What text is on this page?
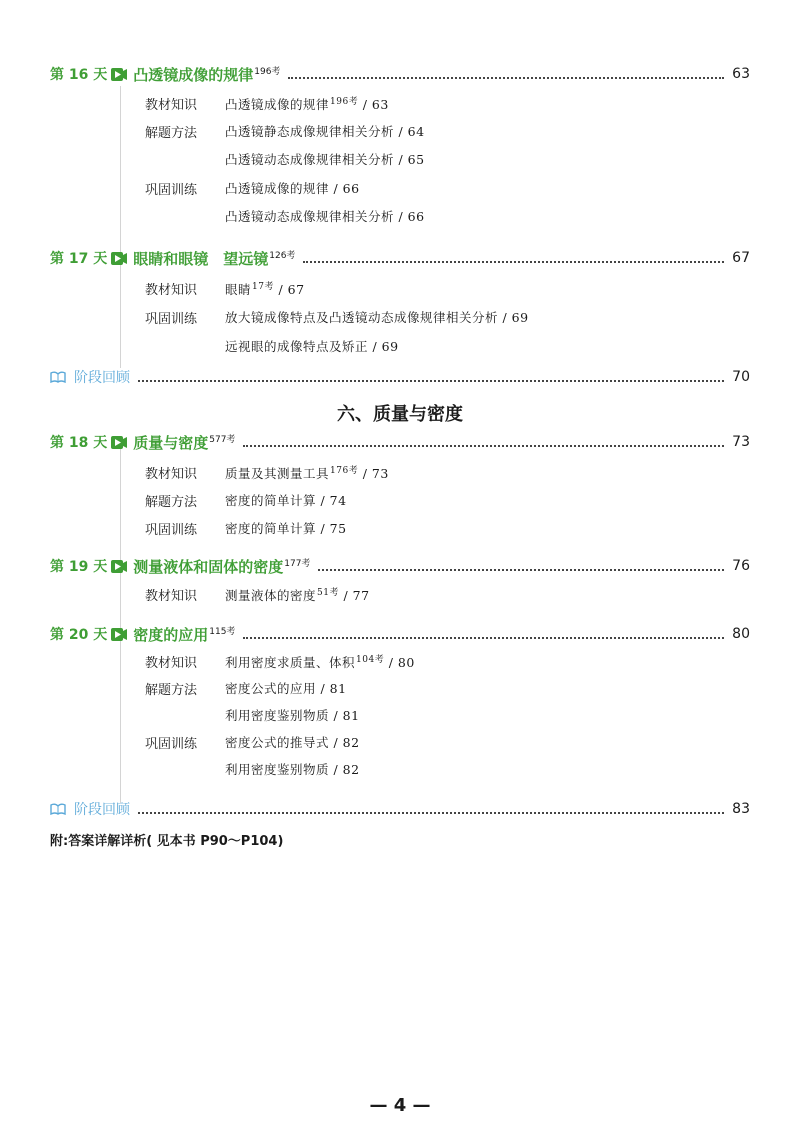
第 16 天 凸透镜成像的规律$^{196考}$	63
教材知识 凸透镜成像的规律$^{196考}$ / 63
解题方法 凸透镜静态成像规律相关分析 / 64
凸透镜动态成像规律相关分析 / 65
巩固训练 凸透镜成像的规律 / 66
凸透镜动态成像规律相关分析 / 66
第 17 天 眼睛和眼镜　望远镜$^{126考}$	67
教材知识 眼睛$^{17考}$ / 67
巩固训练 放大镜成像特点及凸透镜动态成像规律相关分析 / 69
远视眼的成像特点及矫正 / 69
阶段回顾	70
六、质量与密度
第 18 天 质量与密度$^{577考}$	73
教材知识 质量及其测量工具$^{176考}$ / 73
解题方法 密度的简单计算 / 74
巩固训练 密度的简单计算 / 75
第 19 天 测量液体和固体的密度$^{177考}$	76
教材知识 测量液体的密度$^{51考}$ / 77
第 20 天 密度的应用$^{115考}$	80
教材知识 利用密度求质量、体积$^{104考}$ / 80
解题方法 密度公式的应用 / 81
利用密度鉴别物质 / 81
巩固训练 密度公式的推导式 / 82
利用密度鉴别物质 / 82
阶段回顾	83
附:答案详解详析( 见本书 P90～P104)
— 4 —
